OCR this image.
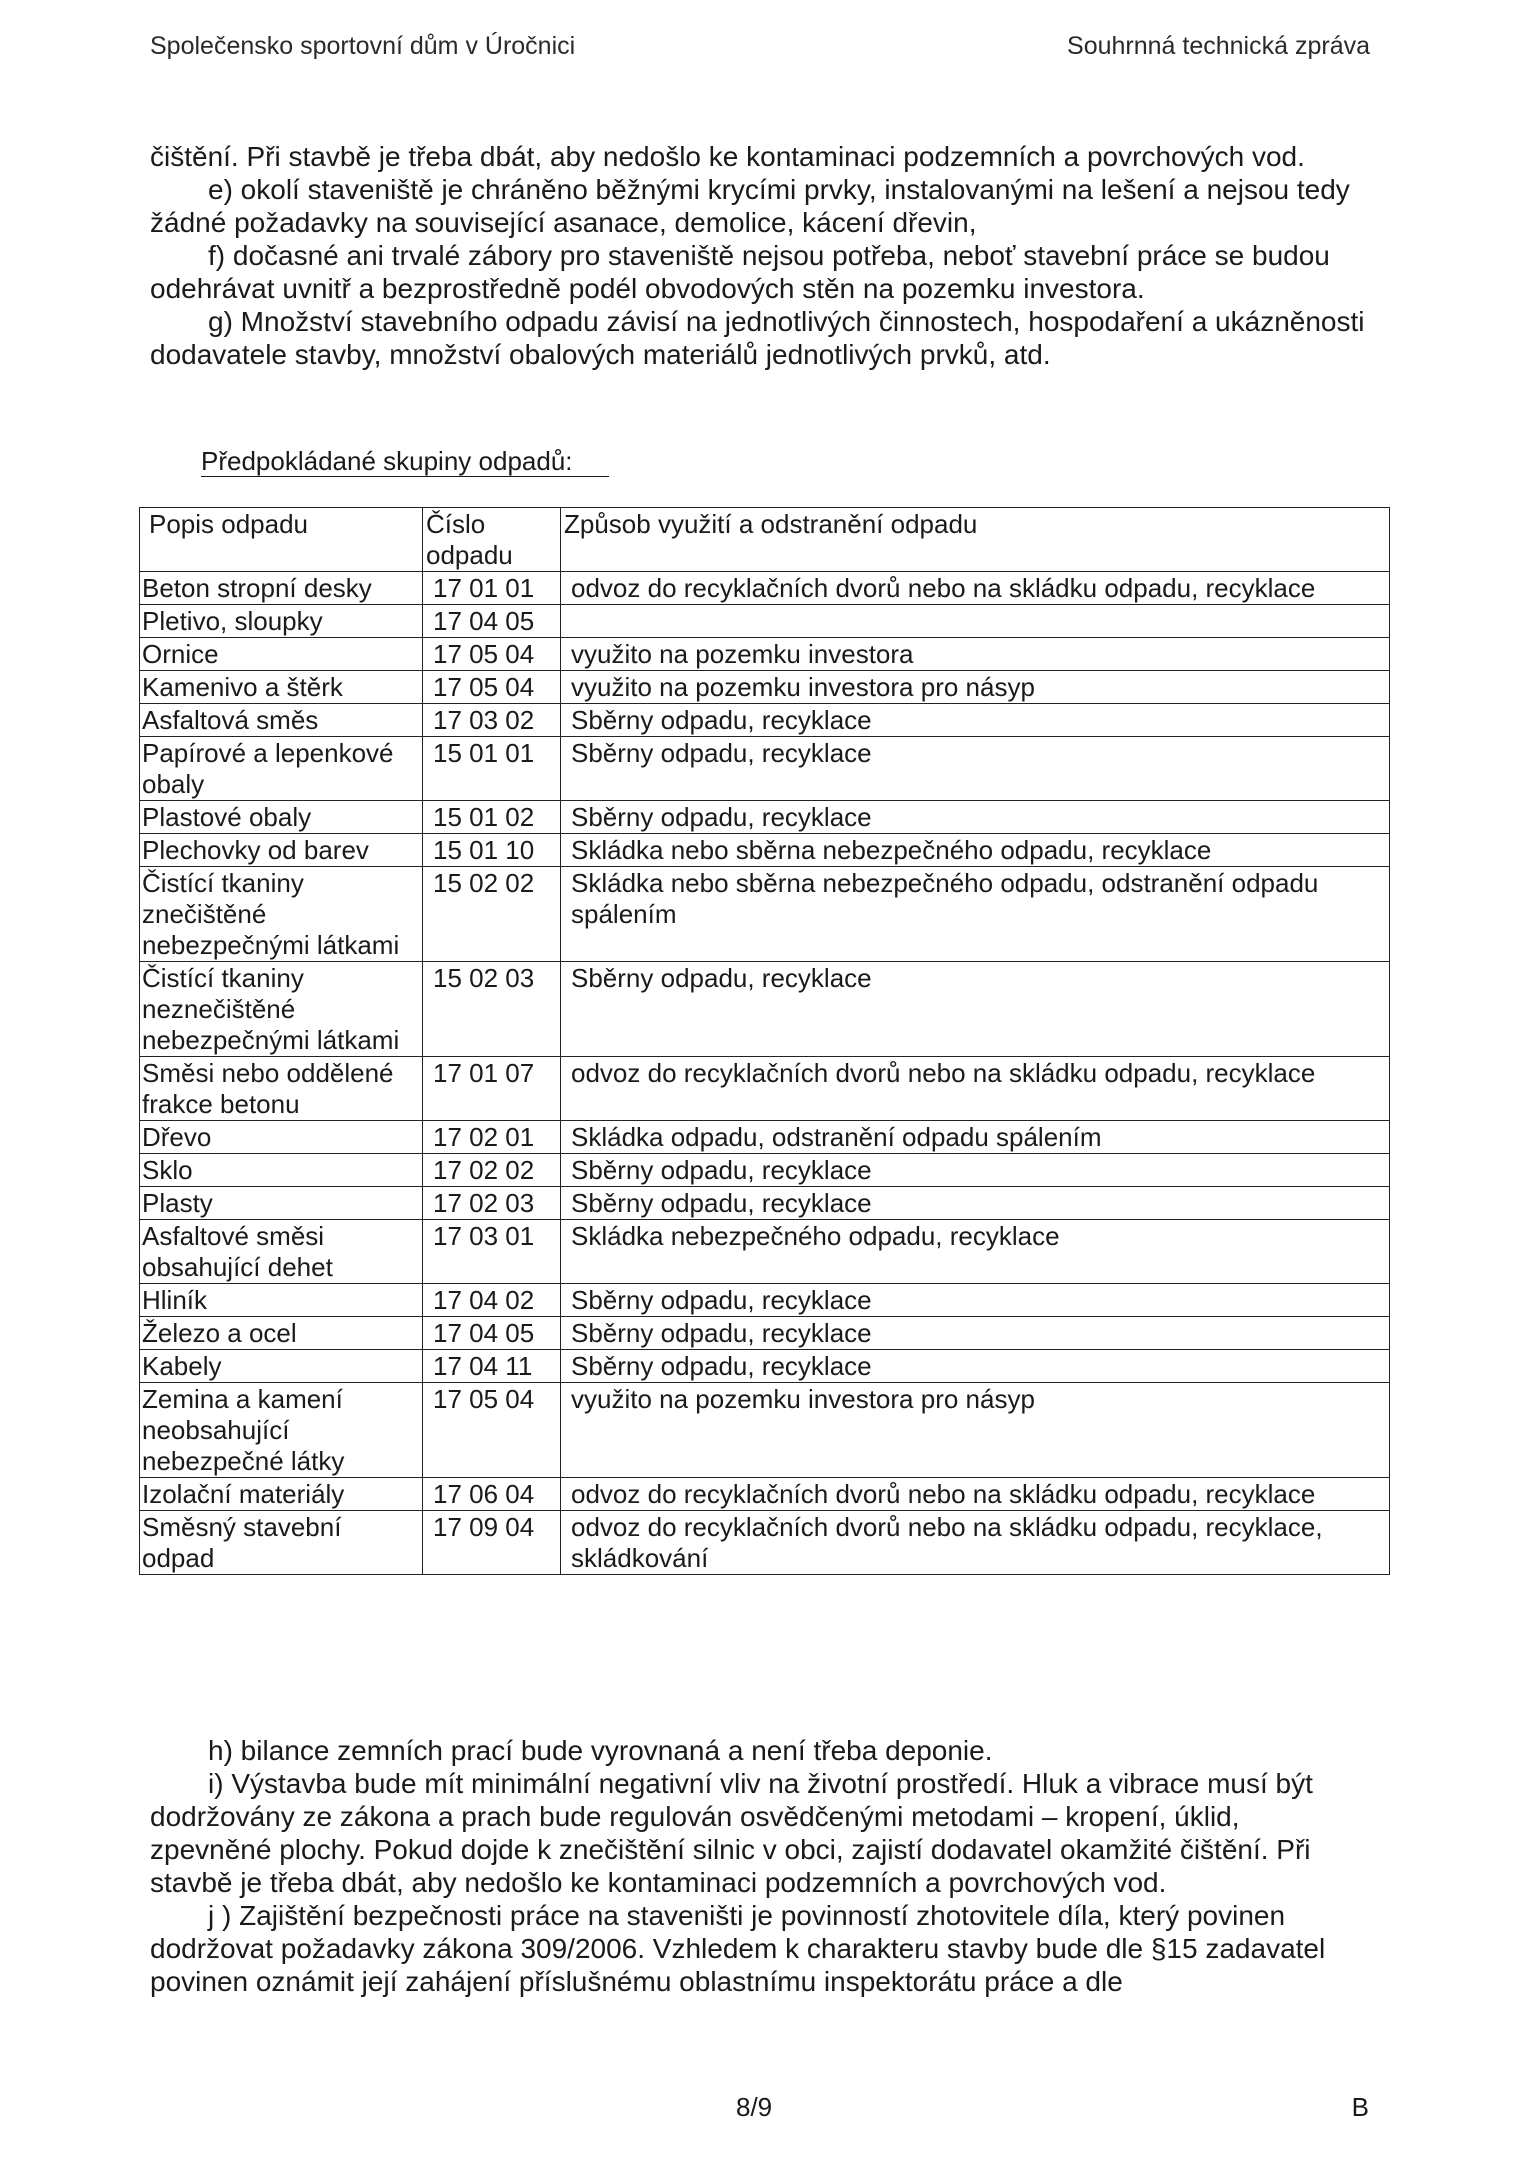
Společensko sportovní dům v Úročnici	Souhrnná technická zpráva

čištění. Při stavbě je třeba dbát, aby nedošlo ke kontaminaci podzemních a povrchových vod.

e) okolí staveniště je chráněno běžnými krycími prvky, instalovanými na lešení a nejsou tedy žádné požadavky na související asanace, demolice, kácení dřevin,

f) dočasné ani trvalé zábory pro staveniště nejsou potřeba, neboť stavební práce se budou odehrávat uvnitř a bezprostředně podél obvodových stěn na pozemku investora.

g) Množství stavebního odpadu závisí na jednotlivých činnostech, hospodaření a ukázněnosti dodavatele stavby, množství obalových materiálů jednotlivých prvků, atd.

Předpokládané skupiny odpadů:
Popis odpadu	Číslo odpadu	Způsob využití a odstranění odpadu
Beton stropní desky	17 01 01	odvoz do recyklačních dvorů nebo na skládku odpadu, recyklace
Pletivo, sloupky	17 04 05	
Ornice	17 05 04	využito na pozemku investora
Kamenivo a štěrk	17 05 04	využito na pozemku investora pro násyp
Asfaltová směs	17 03 02	Sběrny odpadu, recyklace
Papírové a lepenkové obaly	15 01 01	Sběrny odpadu, recyklace
Plastové obaly	15 01 02	Sběrny odpadu, recyklace
Plechovky od barev	15 01 10	Skládka nebo sběrna nebezpečného odpadu, recyklace
Čistící tkaniny znečištěné nebezpečnými látkami	15 02 02	Skládka nebo sběrna nebezpečného odpadu, odstranění odpadu spálením
Čistící tkaniny neznečištěné nebezpečnými látkami	15 02 03	Sběrny odpadu, recyklace
Směsi nebo oddělené frakce betonu	17 01 07	odvoz do recyklačních dvorů nebo na skládku odpadu, recyklace
Dřevo	17 02 01	Skládka odpadu, odstranění odpadu spálením
Sklo	17 02 02	Sběrny odpadu, recyklace
Plasty	17 02 03	Sběrny odpadu, recyklace
Asfaltové směsi obsahující dehet	17 03 01	Skládka nebezpečného odpadu, recyklace
Hliník	17 04 02	Sběrny odpadu, recyklace
Železo a ocel	17 04 05	Sběrny odpadu, recyklace
Kabely	17 04 11	Sběrny odpadu, recyklace
Zemina a kamení neobsahující nebezpečné látky	17 05 04	využito na pozemku investora pro násyp
Izolační materiály	17 06 04	odvoz do recyklačních dvorů nebo na skládku odpadu, recyklace
Směsný stavební odpad	17 09 04	odvoz do recyklačních dvorů nebo na skládku odpadu, recyklace, skládkování

h) bilance zemních prací bude vyrovnaná a není třeba deponie.

i) Výstavba bude mít minimální negativní vliv na životní prostředí. Hluk a vibrace musí být dodržovány ze zákona a prach bude regulován osvědčenými metodami – kropení, úklid, zpevněné plochy. Pokud dojde k znečištění silnic v obci, zajistí dodavatel okamžité čištění. Při stavbě je třeba dbát, aby nedošlo ke kontaminaci podzemních a povrchových vod.

j ) Zajištění bezpečnosti práce na staveništi je povinností zhotovitele díla, který povinen dodržovat požadavky zákona 309/2006. Vzhledem k charakteru stavby bude dle §15 zadavatel povinen oznámit její zahájení příslušnému oblastnímu inspektorátu práce a dle

8/9	B
